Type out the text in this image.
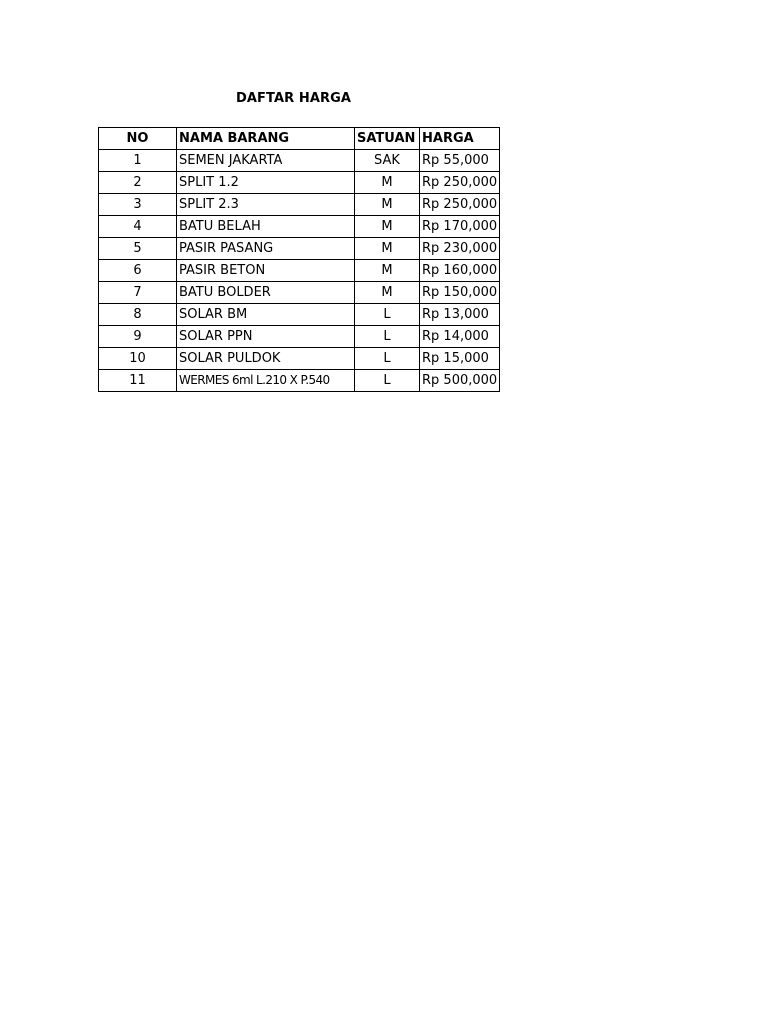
DAFTAR HARGA
NO	NAMA BARANG	SATUAN	HARGA
1	SEMEN JAKARTA	SAK	Rp 55,000
2	SPLIT 1.2	M	Rp 250,000
3	SPLIT 2.3	M	Rp 250,000
4	BATU BELAH	M	Rp 170,000
5	PASIR PASANG	M	Rp 230,000
6	PASIR BETON	M	Rp 160,000
7	BATU BOLDER	M	Rp 150,000
8	SOLAR BM	L	Rp 13,000
9	SOLAR PPN	L	Rp 14,000
10	SOLAR PULDOK	L	Rp 15,000
11	WERMES 6ml L.210 X P.540	L	Rp 500,000
